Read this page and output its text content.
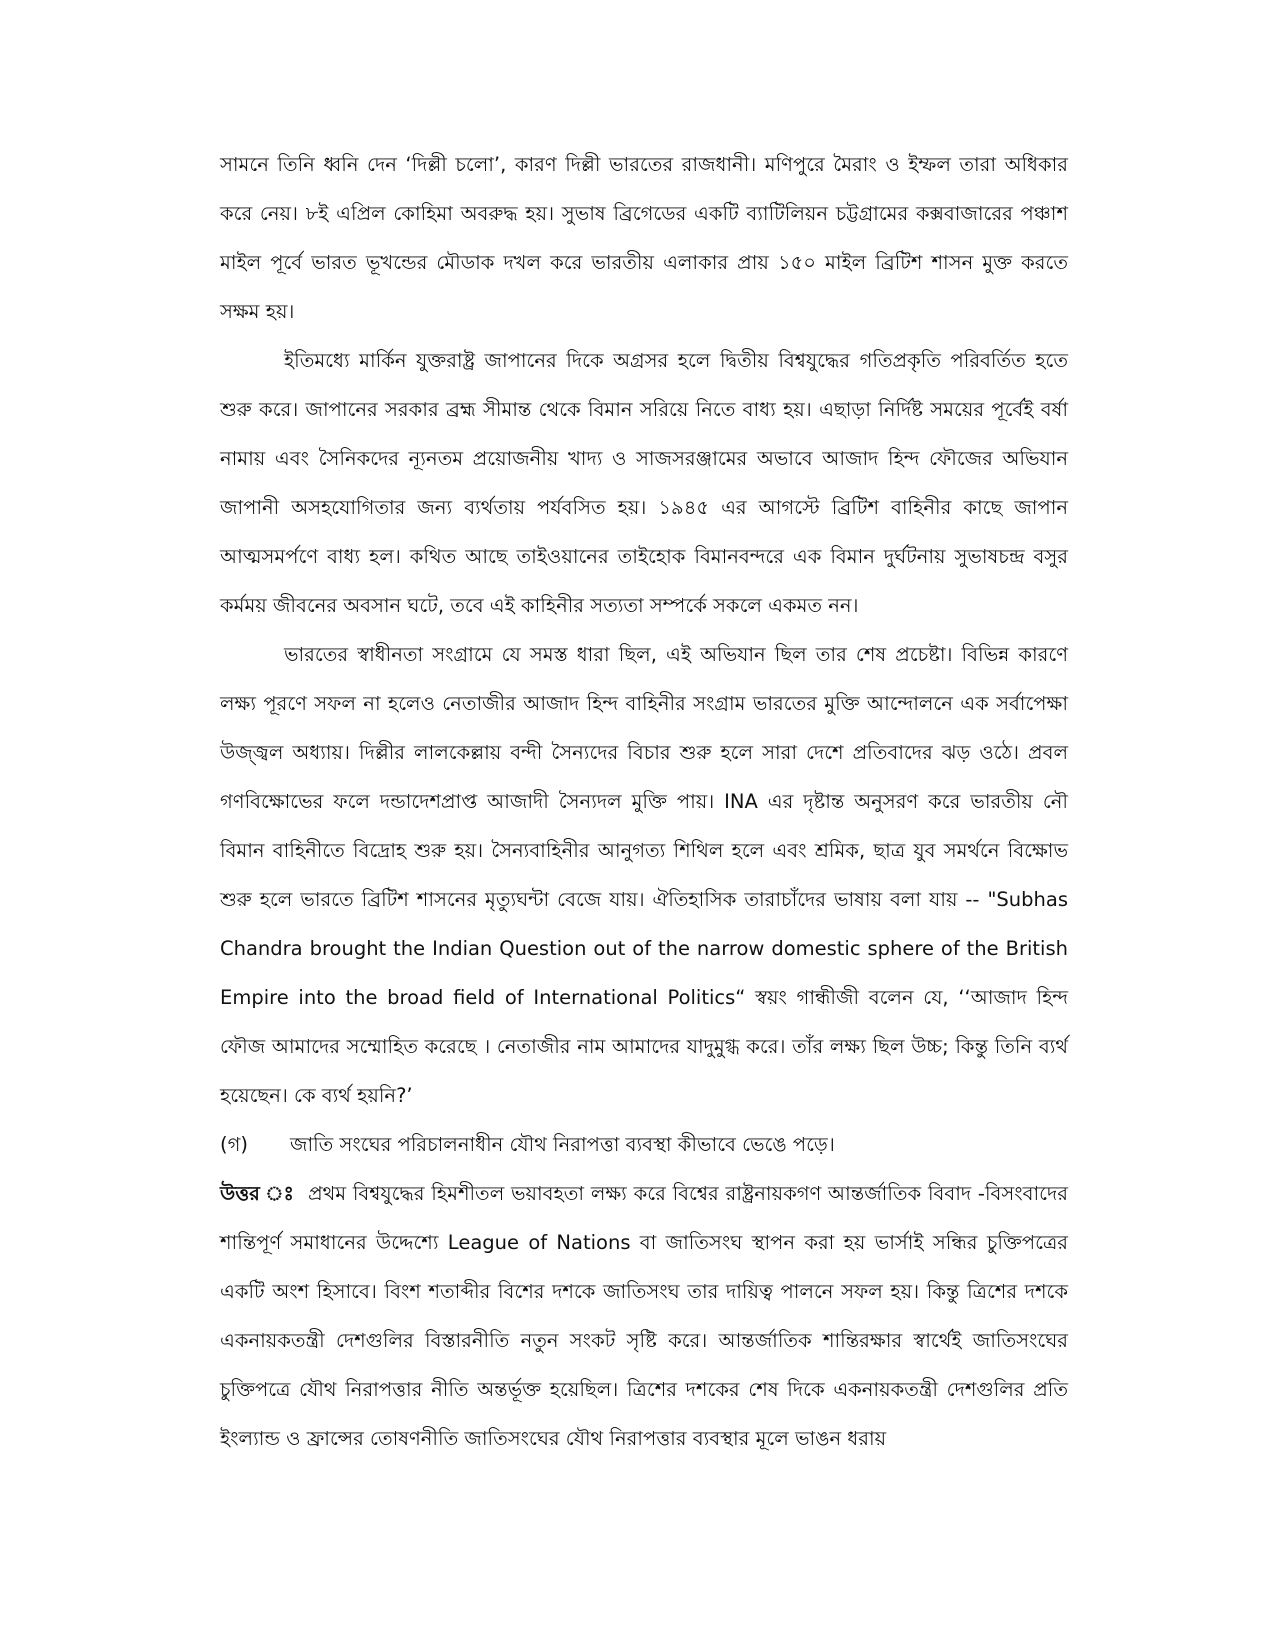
সামনে তিনি ধ্বনি দেন ‘দিল্লী চলো’, কারণ দিল্লী ভারতের রাজধানী। মণিপুরে মৈরাং ও ইম্ফল তারা অধিকার করে নেয়। ৮ই এপ্রিল কোহিমা অবরুদ্ধ হয়। সুভাষ ব্রিগেডের একটি ব্যাটিলিয়ন চট্টগ্রামের কক্সবাজারের পঞ্চাশ মাইল পূর্বে ভারত ভূখন্ডের মৌডাক দখল করে ভারতীয় এলাকার প্রায় ১৫০ মাইল ব্রিটিশ শাসন মুক্ত করতে সক্ষম হয়।

ইতিমধ্যে মার্কিন যুক্তরাষ্ট্র জাপানের দিকে অগ্রসর হলে দ্বিতীয় বিশ্বযুদ্ধের গতিপ্রকৃতি পরিবর্তিত হতে শুরু করে। জাপানের সরকার ব্রহ্ম সীমান্ত থেকে বিমান সরিয়ে নিতে বাধ্য হয়। এছাড়া নির্দিষ্ট সময়ের পূর্বেই বর্ষা নামায় এবং সৈনিকদের ন্যূনতম প্রয়োজনীয় খাদ্য ও সাজসরঞ্জামের অভাবে আজাদ হিন্দ ফৌজের অভিযান জাপানী অসহযোগিতার জন্য ব্যর্থতায় পর্যবসিত হয়। ১৯৪৫ এর আগস্টে ব্রিটিশ বাহিনীর কাছে জাপান আত্মসমর্পণে বাধ্য হল। কথিত আছে তাইওয়ানের তাইহোক বিমানবন্দরে এক বিমান দুর্ঘটনায় সুভাষচন্দ্র বসুর কর্মময় জীবনের অবসান ঘটে, তবে এই কাহিনীর সত্যতা সম্পর্কে সকলে একমত নন।

ভারতের স্বাধীনতা সংগ্রামে যে সমস্ত ধারা ছিল, এই অভিযান ছিল তার শেষ প্রচেষ্টা। বিভিন্ন কারণে লক্ষ্য পূরণে সফল না হলেও নেতাজীর আজাদ হিন্দ বাহিনীর সংগ্রাম ভারতের মুক্তি আন্দোলনে এক সর্বাপেক্ষা উজ্জ্বল অধ্যায়। দিল্লীর লালকেল্লায় বন্দী সৈন্যদের বিচার শুরু হলে সারা দেশে প্রতিবাদের ঝড় ওঠে। প্রবল গণবিক্ষোভের ফলে দন্ডাদেশপ্রাপ্ত আজাদী সৈন্যদল মুক্তি পায়। INA এর দৃষ্টান্ত অনুসরণ করে ভারতীয় নৌ বিমান বাহিনীতে বিদ্রোহ শুরু হয়। সৈন্যবাহিনীর আনুগত্য শিথিল হলে এবং শ্রমিক, ছাত্র যুব সমর্থনে বিক্ষোভ শুরু হলে ভারতে ব্রিটিশ শাসনের মৃত্যুঘন্টা বেজে যায়। ঐতিহাসিক তারাচাঁদের ভাষায় বলা যায় -- "Subhas Chandra brought the Indian Question out of the narrow domestic sphere of the British Empire into the broad field of International Politics“ স্বয়ং গান্ধীজী বলেন যে, ‘‘আজাদ হিন্দ ফৌজ আমাদের সম্মোহিত করেছে । নেতাজীর নাম আমাদের যাদুমুগ্ধ করে। তাঁর লক্ষ্য ছিল উচ্চ; কিন্তু তিনি ব্যর্থ হয়েছেন। কে ব্যর্থ হয়নি?’

(গ)	জাতি সংঘের পরিচালনাধীন যৌথ নিরাপত্তা ব্যবস্থা কীভাবে ভেঙে পড়ে।

উত্তর ঃ প্রথম বিশ্বযুদ্ধের হিমশীতল ভয়াবহতা লক্ষ্য করে বিশ্বের রাষ্ট্রনায়কগণ আন্তর্জাতিক বিবাদ -বিসংবাদের শান্তিপূর্ণ সমাধানের উদ্দেশ্যে League of Nations বা জাতিসংঘ স্থাপন করা হয় ভার্সাই সন্ধির চুক্তিপত্রের একটি অংশ হিসাবে। বিংশ শতাব্দীর বিশের দশকে জাতিসংঘ তার দায়িত্ব পালনে সফল হয়। কিন্তু ত্রিশের দশকে একনায়কতন্ত্রী দেশগুলির বিস্তারনীতি নতুন সংকট সৃষ্টি করে। আন্তর্জাতিক শান্তিরক্ষার স্বার্থেই জাতিসংঘের চুক্তিপত্রে যৌথ নিরাপত্তার নীতি অন্তর্ভূক্ত হয়েছিল। ত্রিশের দশকের শেষ দিকে একনায়কতন্ত্রী দেশগুলির প্রতি ইংল্যান্ড ও ফ্রান্সের তোষণনীতি জাতিসংঘের যৌথ নিরাপত্তার ব্যবস্থার মূলে ভাঙন ধরায়
